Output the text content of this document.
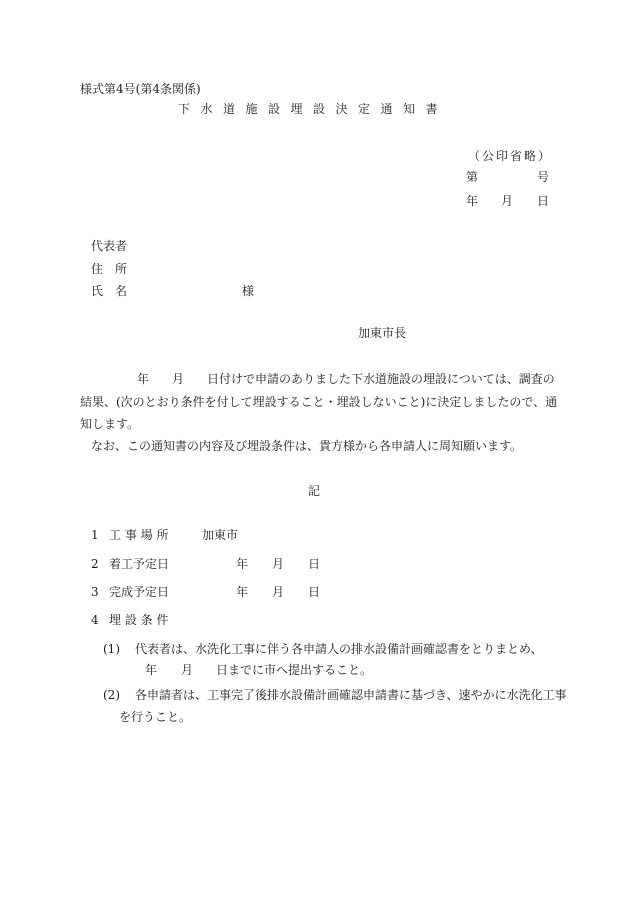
様式第4号(第4条関係)
下水道施設埋設決定通知書
（公印省略）
第	号
年 月 日
代表者
住　所
氏　名	様
加東市長
年 月 日付けで申請のありました下水道施設の埋設については、調査の
結果、(次のとおり条件を付して埋設すること・埋設しないこと)に決定しましたので、通
知します。
なお、この通知書の内容及び埋設条件は、貴方様から各申請人に周知願います。
記
1 工 事 場 所	加東市
2 着工予定日	年 月 日
3 完成予定日	年 月 日
4 埋 設 条 件
(1) 代表者は、水洗化工事に伴う各申請人の排水設備計画確認書をとりまとめ、
年 月 日までに市へ提出すること。
(2) 各申請者は、工事完了後排水設備計画確認申請書に基づき、速やかに水洗化工事
を行うこと。
